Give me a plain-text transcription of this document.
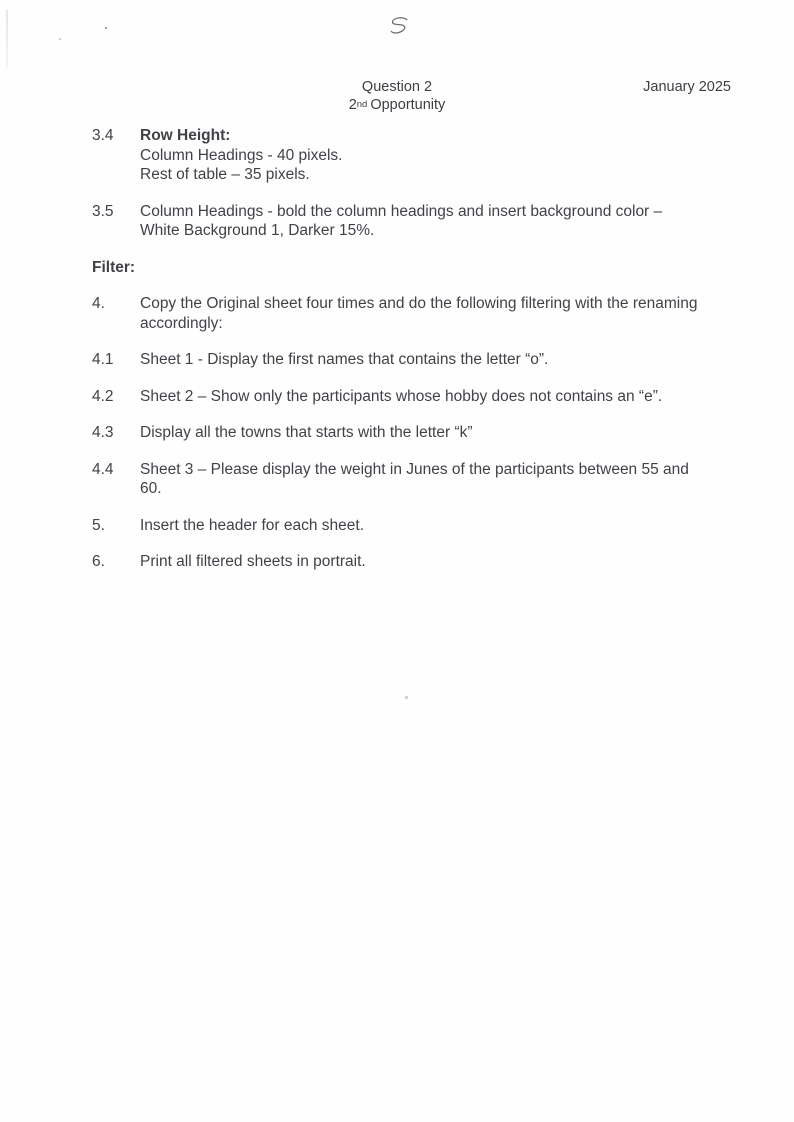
Question 2
2nd Opportunity
January 2025
3.4	Row Height:
Column Headings - 40 pixels.
Rest of table – 35 pixels.
3.5	Column Headings - bold the column headings and insert background color –
White Background 1, Darker 15%.
Filter:
4.	Copy the Original sheet four times and do the following filtering with the renaming
accordingly:
4.1	Sheet 1 - Display the first names that contains the letter “o”.
4.2	Sheet 2 – Show only the participants whose hobby does not contains an “e”.
4.3	Display all the towns that starts with the letter “k”
4.4	Sheet 3 – Please display the weight in Junes of the participants between 55 and
60.
5.	Insert the header for each sheet.
6.	Print all filtered sheets in portrait.
